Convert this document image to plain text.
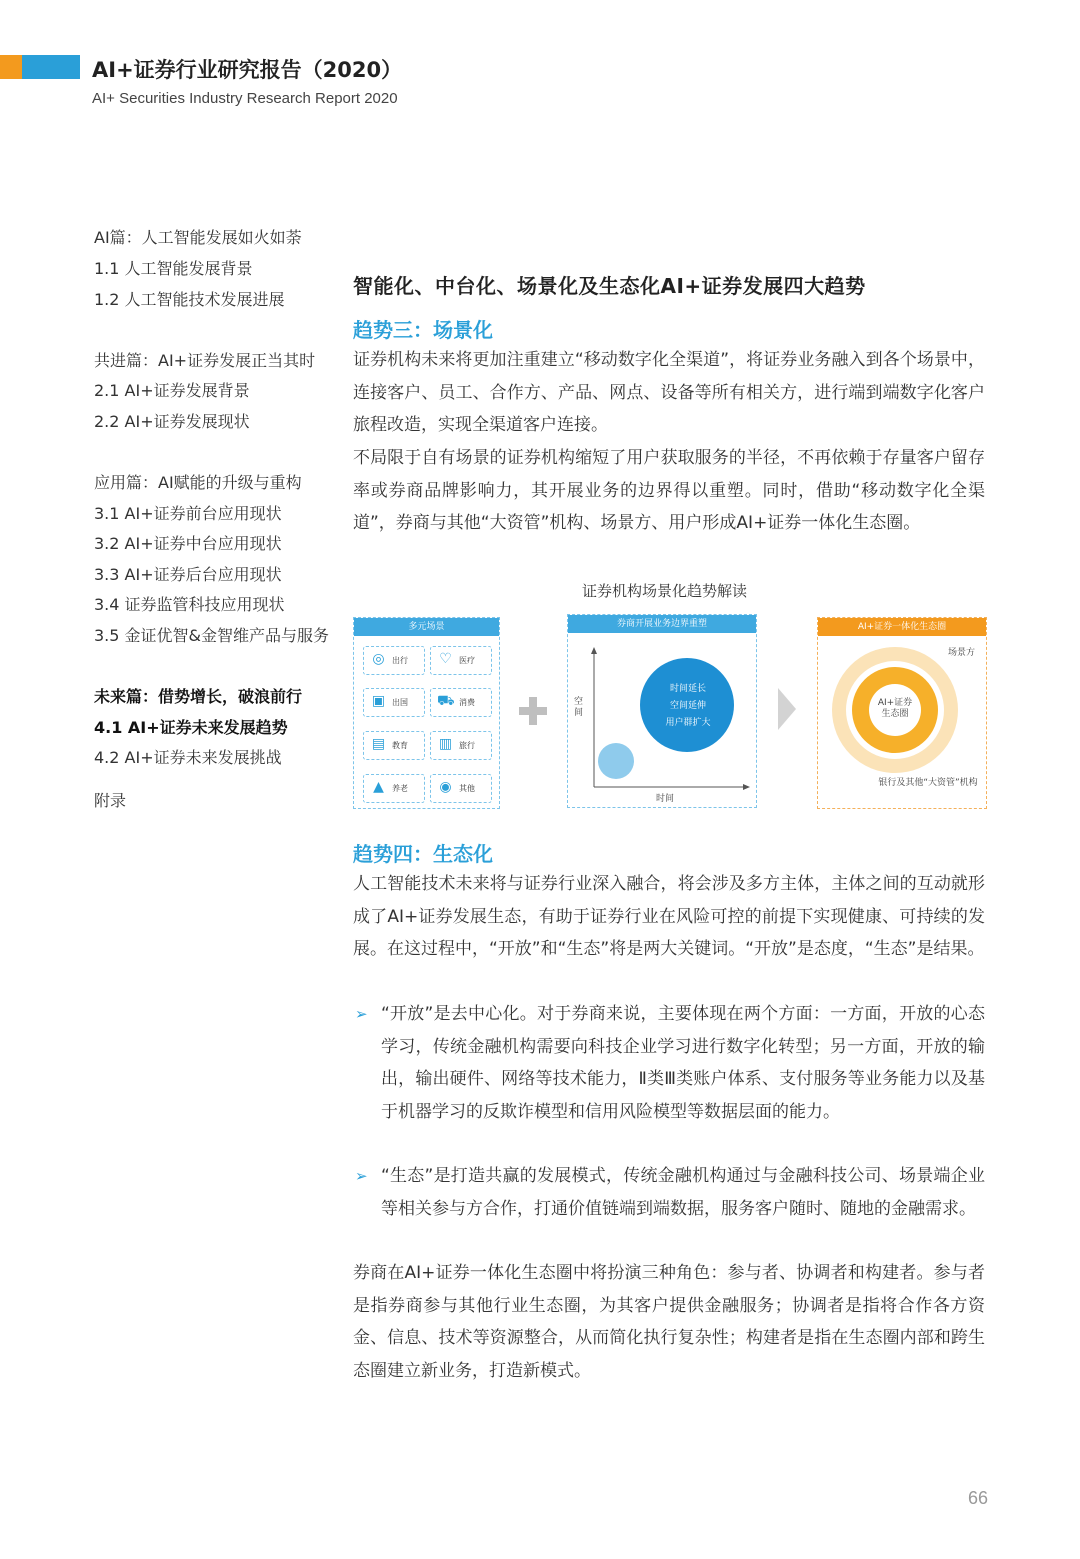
AI+证券行业研究报告（2020）
AI+ Securities Industry Research Report 2020
AI篇：人工智能发展如火如荼
1.1 人工智能发展背景
1.2 人工智能技术发展进展
共进篇：AI+证券发展正当其时
2.1 AI+证券发展背景
2.2 AI+证券发展现状
应用篇：AI赋能的升级与重构
3.1 AI+证券前台应用现状
3.2 AI+证券中台应用现状
3.3 AI+证券后台应用现状
3.4 证券监管科技应用现状
3.5 金证优智&金智维产品与服务
未来篇：借势增长，破浪前行
4.1 AI+证券未来发展趋势
4.2 AI+证券未来发展挑战
附录
智能化、中台化、场景化及生态化AI+证券发展四大趋势
趋势三：场景化
证券机构未来将更加注重建立“移动数字化全渠道”，将证券业务融入到各个场景中，连接客户、员工、合作方、产品、网点、设备等所有相关方，进行端到端数字化客户旅程改造，实现全渠道客户连接。
不局限于自有场景的证券机构缩短了用户获取服务的半径，不再依赖于存量客户留存率或券商品牌影响力，其开展业务的边界得以重塑。同时，借助“移动数字化全渠道”，券商与其他“大资管”机构、场景方、用户形成AI+证券一体化生态圈。
趋势四：生态化
人工智能技术未来将与证券行业深入融合，将会涉及多方主体，主体之间的互动就形成了AI+证券发展生态，有助于证券行业在风险可控的前提下实现健康、可持续的发展。在这过程中，“开放”和“生态”将是两大关键词。“开放”是态度，“生态”是结果。
➢ “开放”是去中心化。对于券商来说，主要体现在两个方面：一方面，开放的心态学习，传统金融机构需要向科技企业学习进行数字化转型；另一方面，开放的输出，输出硬件、网络等技术能力，Ⅱ类Ⅲ类账户体系、支付服务等业务能力以及基于机器学习的反欺诈模型和信用风险模型等数据层面的能力。
➢ “生态”是打造共赢的发展模式，传统金融机构通过与金融科技公司、场景端企业等相关参与方合作，打通价值链端到端数据，服务客户随时、随地的金融需求。
券商在AI+证券一体化生态圈中将扮演三种角色：参与者、协调者和构建者。参与者是指券商参与其他行业生态圈，为其客户提供金融服务；协调者是指将合作各方资金、信息、技术等资源整合，从而简化执行复杂性；构建者是指在生态圈内部和跨生态圈建立新业务，打造新模式。
证券机构场景化趋势解读
多元场景
◎ 出行 ♡ 医疗
▣ 出国 ⛟ 消费
▤ 教育 ▥ 旅行
▲	养老 ◉ 其他
券商开展业务边界重塑
空间
时间
时间延长
空间延伸
用户群扩大
AI+证券一体化生态圈
场景方
AI+证券生态圈
银行及其他“大资管”机构
66
